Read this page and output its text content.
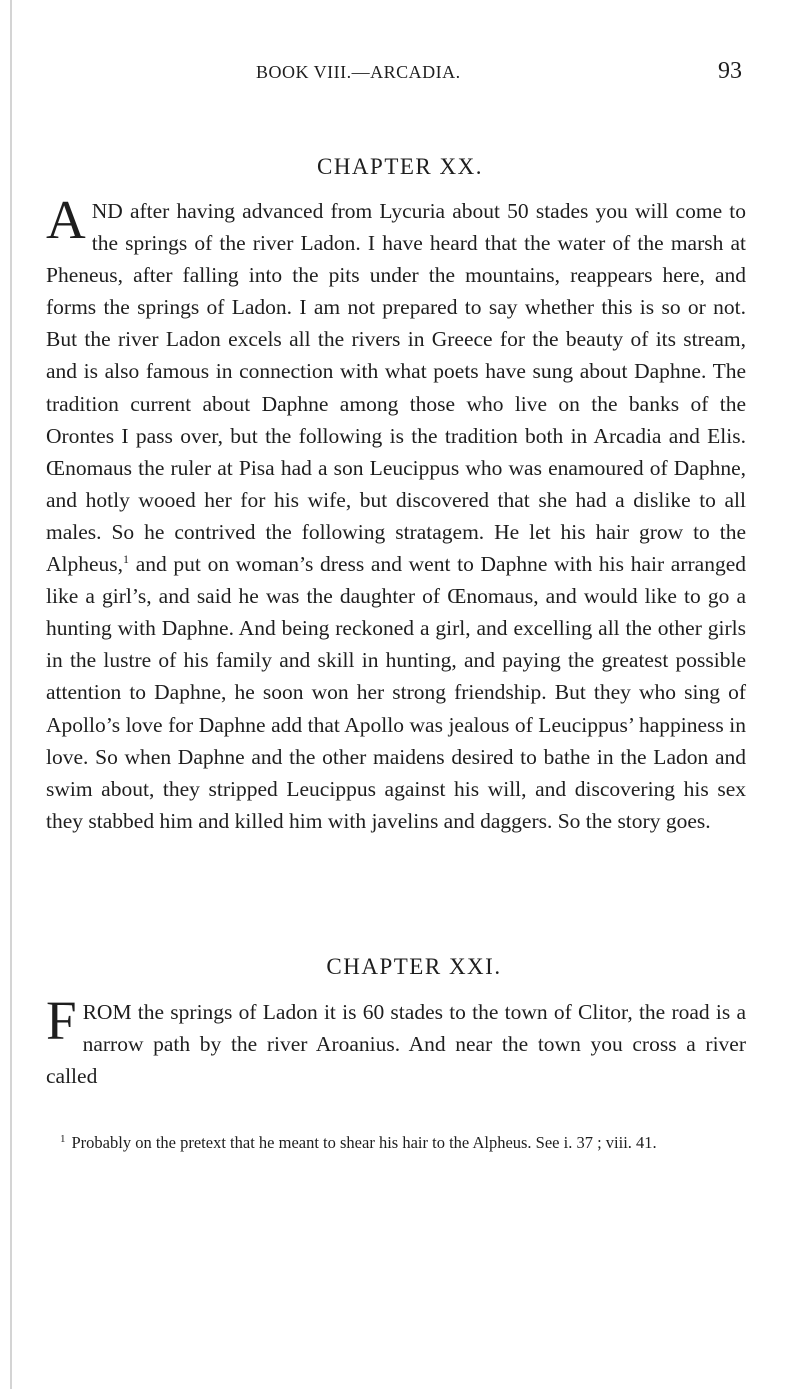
BOOK VIII.—ARCADIA.	93
CHAPTER XX.

AND after having advanced from Lycuria about 50 stades you will come to the springs of the river Ladon. I have heard that the water of the marsh at Pheneus, after falling into the pits under the mountains, reappears here, and forms the springs of Ladon. I am not prepared to say whether this is so or not. But the river Ladon excels all the rivers in Greece for the beauty of its stream, and is also famous in connection with what poets have sung about Daphne. The tradition current about Daphne among those who live on the banks of the Orontes I pass over, but the following is the tradition both in Arcadia and Elis. Œnomaus the ruler at Pisa had a son Leucippus who was enamoured of Daphne, and hotly wooed her for his wife, but discovered that she had a dislike to all males. So he contrived the following stratagem. He let his hair grow to the Alpheus,$^1$ and put on woman’s dress and went to Daphne with his hair arranged like a girl’s, and said he was the daughter of Œnomaus, and would like to go a hunting with Daphne. And being reckoned a girl, and excelling all the other girls in the lustre of his family and skill in hunting, and paying the greatest possible attention to Daphne, he soon won her strong friendship. But they who sing of Apollo’s love for Daphne add that Apollo was jealous of Leucippus’ happiness in love. So when Daphne and the other maidens desired to bathe in the Ladon and swim about, they stripped Leucippus against his will, and discovering his sex they stabbed him and killed him with javelins and daggers. So the story goes.

CHAPTER XXI.

FROM the springs of Ladon it is 60 stades to the town of Clitor, the road is a narrow path by the river Aroanius. And near the town you cross a river called

$^1$ Probably on the pretext that he meant to shear his hair to the Alpheus. See i. 37 ; viii. 41.
